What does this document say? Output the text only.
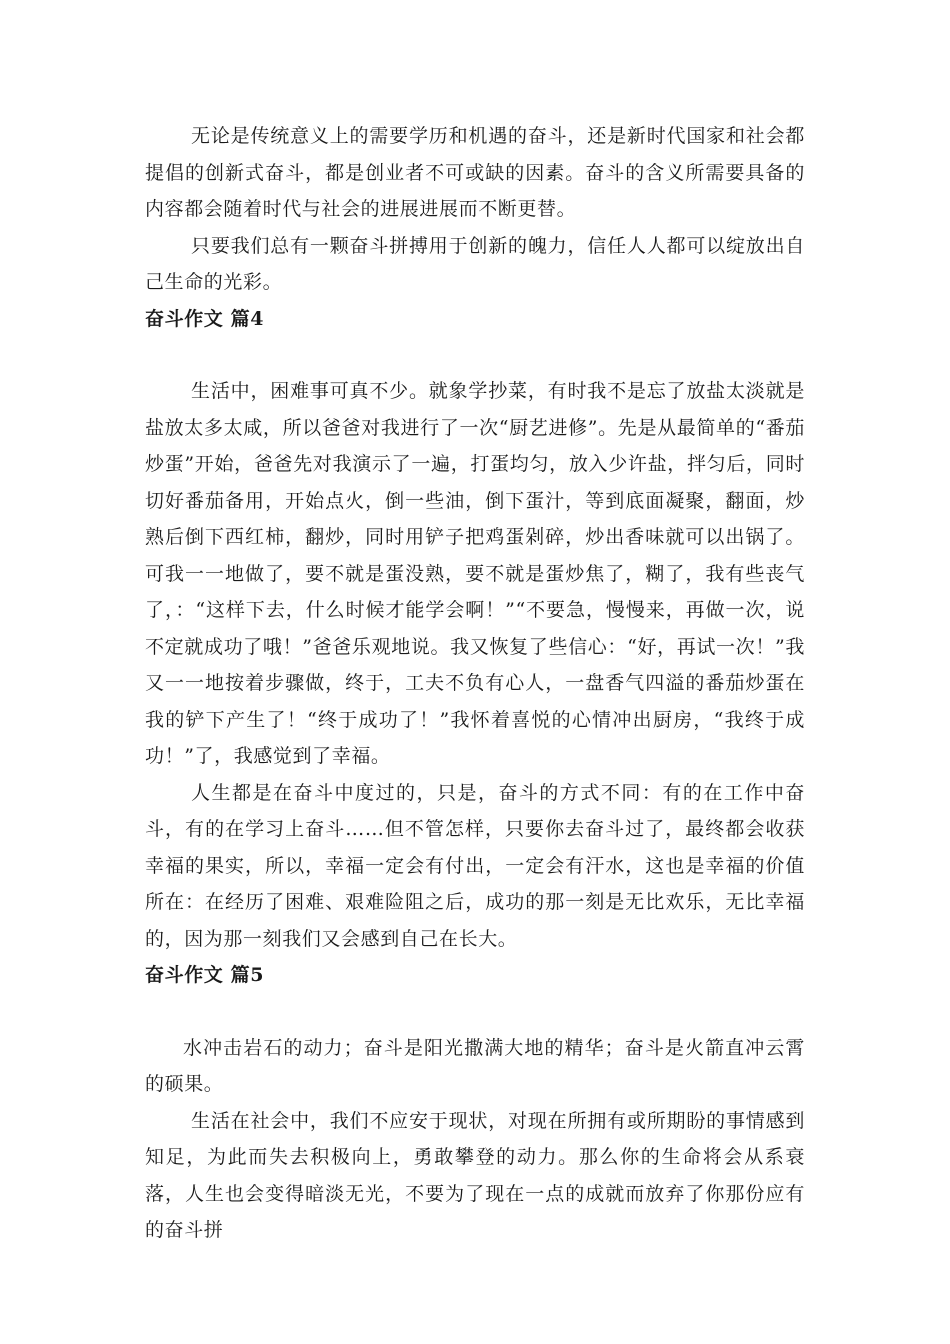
无论是传统意义上的需要学历和机遇的奋斗，还是新时代国家和社会都提倡的创新式奋斗，都是创业者不可或缺的因素。奋斗的含义所需要具备的内容都会随着时代与社会的进展进展而不断更替。

只要我们总有一颗奋斗拼搏用于创新的魄力，信任人人都可以绽放出自己生命的光彩。

奋斗作文 篇4

生活中，困难事可真不少。就象学抄菜，有时我不是忘了放盐太淡就是盐放太多太咸，所以爸爸对我进行了一次“厨艺进修”。先是从最简单的“番茄炒蛋”开始，爸爸先对我演示了一遍，打蛋均匀，放入少许盐，拌匀后，同时切好番茄备用，开始点火，倒一些油，倒下蛋汁，等到底面凝聚，翻面，炒熟后倒下西红柿，翻炒，同时用铲子把鸡蛋剁碎，炒出香味就可以出锅了。可我一一地做了，要不就是蛋没熟，要不就是蛋炒焦了，糊了，我有些丧气了，：“这样下去，什么时候才能学会啊！”“不要急，慢慢来，再做一次，说不定就成功了哦！”爸爸乐观地说。我又恢复了些信心：“好，再试一次！”我又一一地按着步骤做，终于，工夫不负有心人，一盘香气四溢的番茄炒蛋在我的铲下产生了！“终于成功了！”我怀着喜悦的心情冲出厨房，“我终于成功！”了，我感觉到了幸福。

人生都是在奋斗中度过的，只是，奋斗的方式不同：有的在工作中奋斗，有的在学习上奋斗……但不管怎样，只要你去奋斗过了，最终都会收获幸福的果实，所以，幸福一定会有付出，一定会有汗水，这也是幸福的价值所在：在经历了困难、艰难险阻之后，成功的那一刻是无比欢乐，无比幸福的，因为那一刻我们又会感到自己在长大。

奋斗作文 篇5

水冲击岩石的动力；奋斗是阳光撒满大地的精华；奋斗是火箭直冲云霄的硕果。

生活在社会中，我们不应安于现状，对现在所拥有或所期盼的事情感到知足，为此而失去积极向上，勇敢攀登的动力。那么你的生命将会从系衰落，人生也会变得暗淡无光，不要为了现在一点的成就而放弃了你那份应有的奋斗拼
